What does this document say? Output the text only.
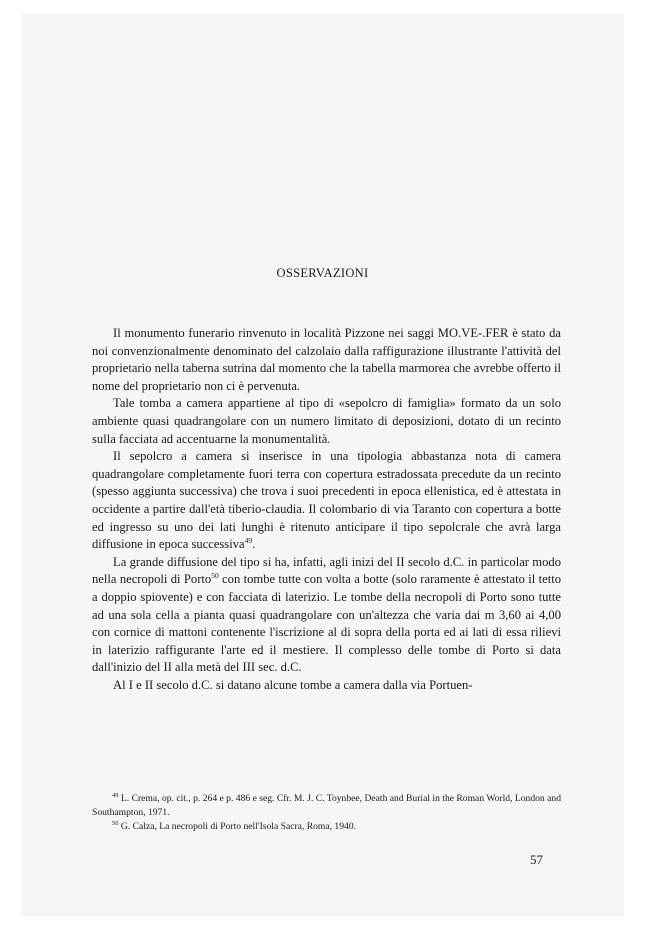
OSSERVAZIONI

Il monumento funerario rinvenuto in località Pizzone nei saggi MO.VE-.FER è stato da noi convenzionalmente denominato del calzolaio dalla raffigurazione illustrante l'attività del proprietario nella taberna sutrina dal momento che la tabella marmorea che avrebbe offerto il nome del proprietario non ci è pervenuta.

Tale tomba a camera appartiene al tipo di «sepolcro di famiglia» formato da un solo ambiente quasi quadrangolare con un numero limitato di deposizioni, dotato di un recinto sulla facciata ad accentuarne la monumentalità.

Il sepolcro a camera si inserisce in una tipologia abbastanza nota di camera quadrangolare completamente fuori terra con copertura estradossata precedute da un recinto (spesso aggiunta successiva) che trova i suoi precedenti in epoca ellenistica, ed è attestata in occidente a partire dall'età tiberio-claudia. Il colombario di via Taranto con copertura a botte ed ingresso su uno dei lati lunghi è ritenuto anticipare il tipo sepolcrale che avrà larga diffusione in epoca successiva$^{49}$.

La grande diffusione del tipo si ha, infatti, agli inizi del II secolo d.C. in particolar modo nella necropoli di Porto$^{50}$ con tombe tutte con volta a botte (solo raramente è attestato il tetto a doppio spiovente) e con facciata di laterizio. Le tombe della necropoli di Porto sono tutte ad una sola cella a pianta quasi quadrangolare con un'altezza che varia dai m 3,60 ai 4,00 con cornice di mattoni contenente l'iscrizione al di sopra della porta ed ai lati di essa rilievi in laterizio raffigurante l'arte ed il mestiere. Il complesso delle tombe di Porto si data dall'inizio del II alla metà del III sec. d.C.

Al I e II secolo d.C. si datano alcune tombe a camera dalla via Portuen-

$^{49}$ L. Crema, op. cit., p. 264 e p. 486 e seg. Cfr. M. J. C. Toynbee, Death and Burial in the Roman World, London and Southampton, 1971.

$^{50}$ G. Calza, La necropoli di Porto nell'Isola Sacra, Roma, 1940.

57
